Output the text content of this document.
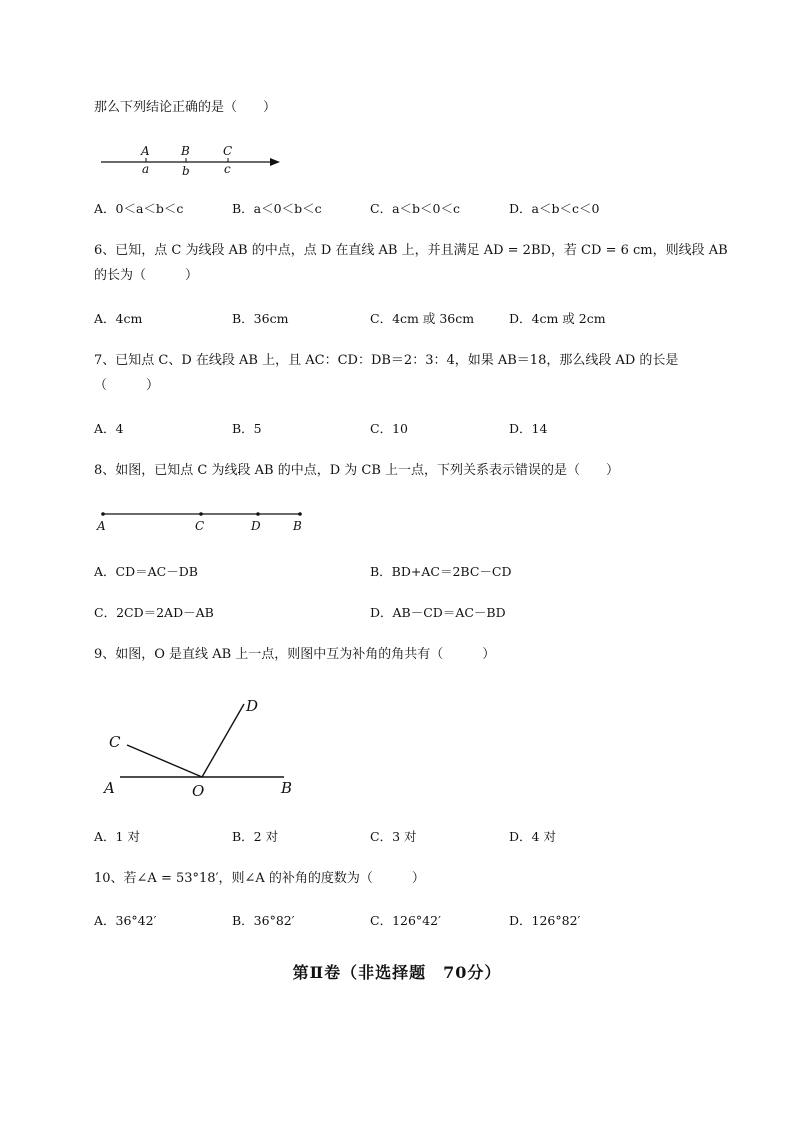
那么下列结论正确的是（　　）
A	B	C
a	b	c
A．0＜a＜b＜c	B．a＜0＜b＜c	C．a＜b＜0＜c	D．a＜b＜c＜0
6、已知，点 C 为线段 AB 的中点，点 D 在直线 AB 上，并且满足 AD = 2BD，若 CD = 6 cm，则线段 AB
的长为（　　　）
A．4cm	B．36cm	C．4cm 或 36cm	D．4cm 或 2cm
7、已知点 C、D 在线段 AB 上，且 AC：CD：DB＝2：3：4，如果 AB＝18，那么线段 AD 的长是
（　　　）
A．4	B．5	C．10	D．14
8、如图，已知点 C 为线段 AB 的中点，D 为 CB 上一点，下列关系表示错误的是（　　）
A	C	D	B
A．CD＝AC－DB	B．BD+AC＝2BC－CD
C．2CD＝2AD－AB	D．AB－CD＝AC－BD
9、如图，O 是直线 AB 上一点，则图中互为补角的角共有（　　　）
A	B
C
D
O
A．1 对	B．2 对	C．3 对	D．4 对
10、若∠A = 53°18′，则∠A 的补角的度数为（　　　）
A．36°42′	B．36°82′	C．126°42′	D．126°82′
第Ⅱ卷（非选择题　70分）
